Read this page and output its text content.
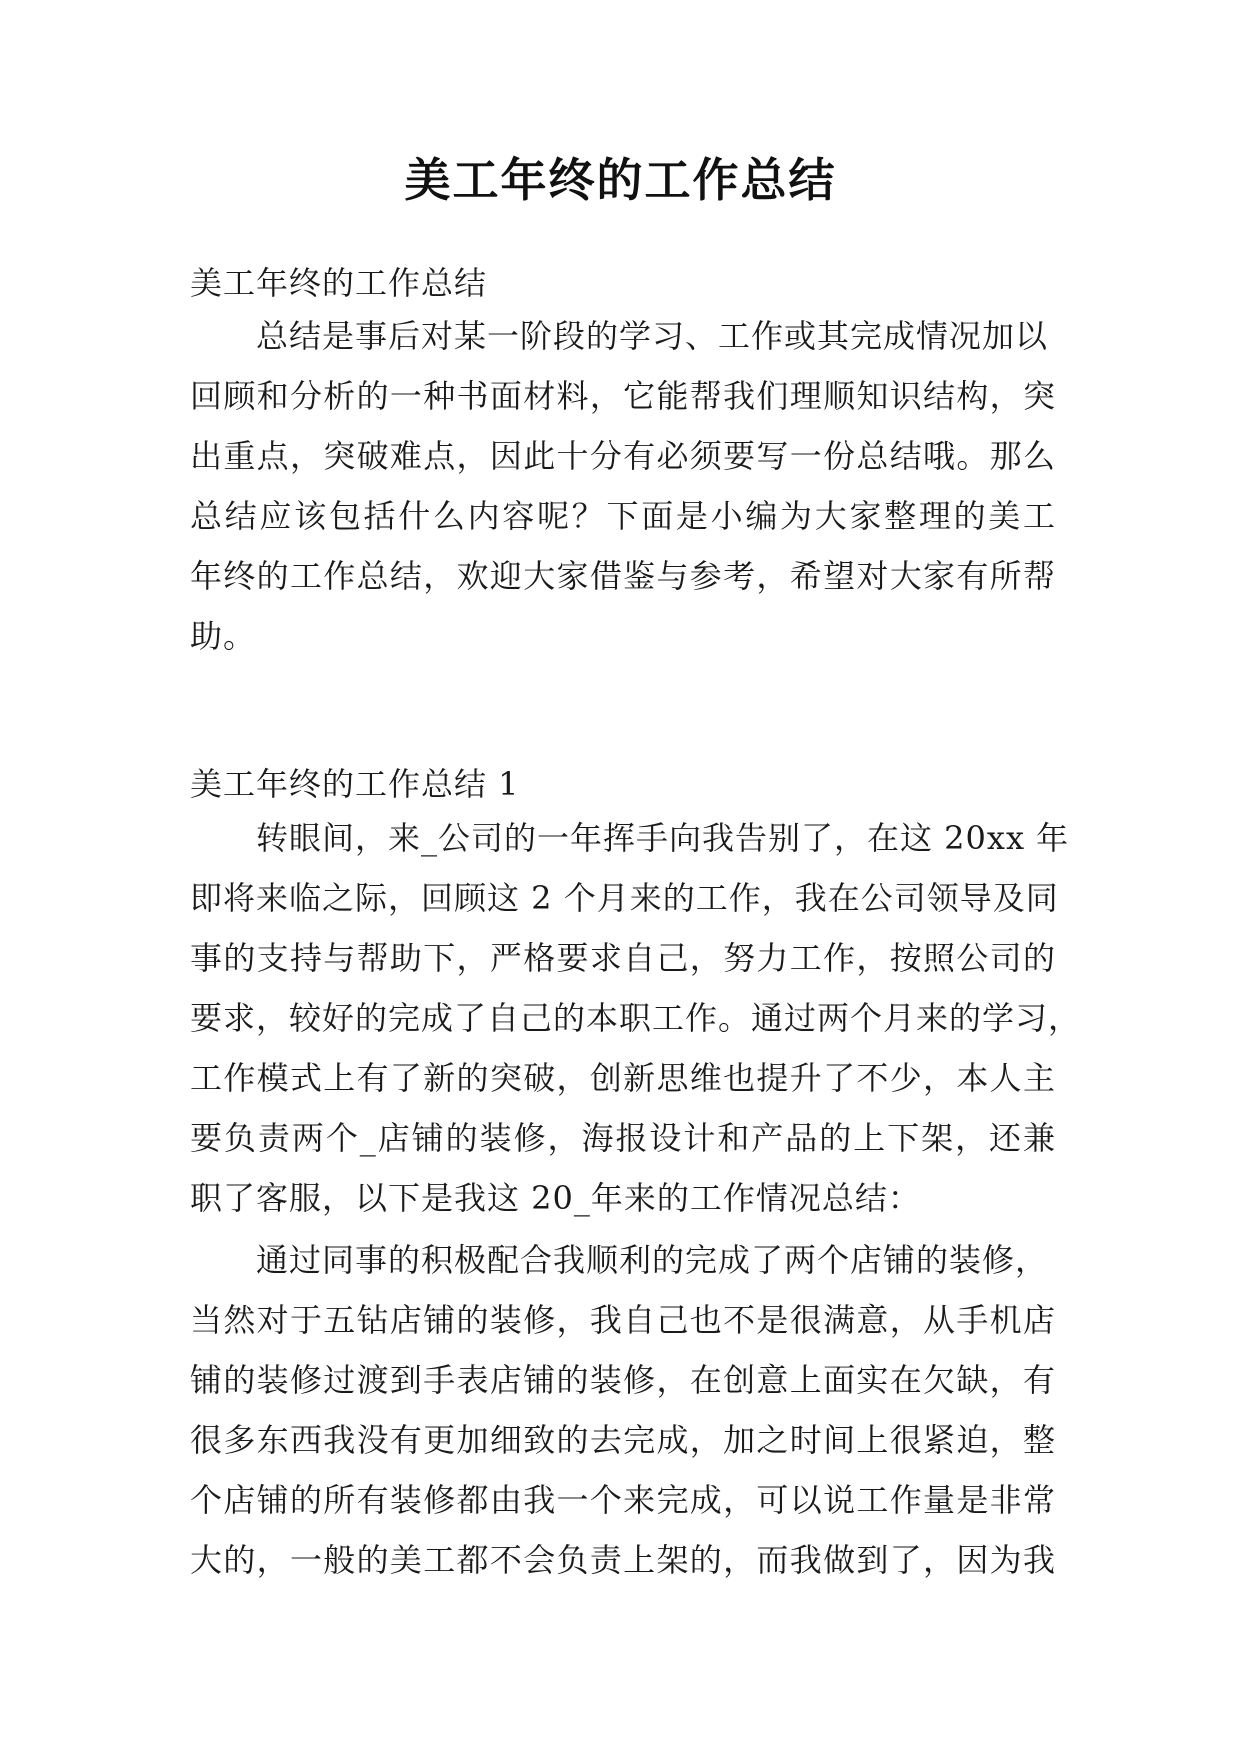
美工年终的工作总结
美工年终的工作总结
总结是事后对某一阶段的学习、工作或其完成情况加以
回顾和分析的一种书面材料，它能帮我们理顺知识结构，突
出重点，突破难点，因此十分有必须要写一份总结哦。那么
总结应该包括什么内容呢？下面是小编为大家整理的美工
年终的工作总结，欢迎大家借鉴与参考，希望对大家有所帮
助。
美工年终的工作总结 1
转眼间，来_公司的一年挥手向我告别了，在这 20xx 年
即将来临之际，回顾这 2 个月来的工作，我在公司领导及同
事的支持与帮助下，严格要求自己，努力工作，按照公司的
要求，较好的完成了自己的本职工作。通过两个月来的学习，
工作模式上有了新的突破，创新思维也提升了不少，本人主
要负责两个_店铺的装修，海报设计和产品的上下架，还兼
职了客服，以下是我这 20_年来的工作情况总结：
通过同事的积极配合我顺利的完成了两个店铺的装修，
当然对于五钻店铺的装修，我自己也不是很满意，从手机店
铺的装修过渡到手表店铺的装修，在创意上面实在欠缺，有
很多东西我没有更加细致的去完成，加之时间上很紧迫，整
个店铺的所有装修都由我一个来完成，可以说工作量是非常
大的，一般的美工都不会负责上架的，而我做到了，因为我
